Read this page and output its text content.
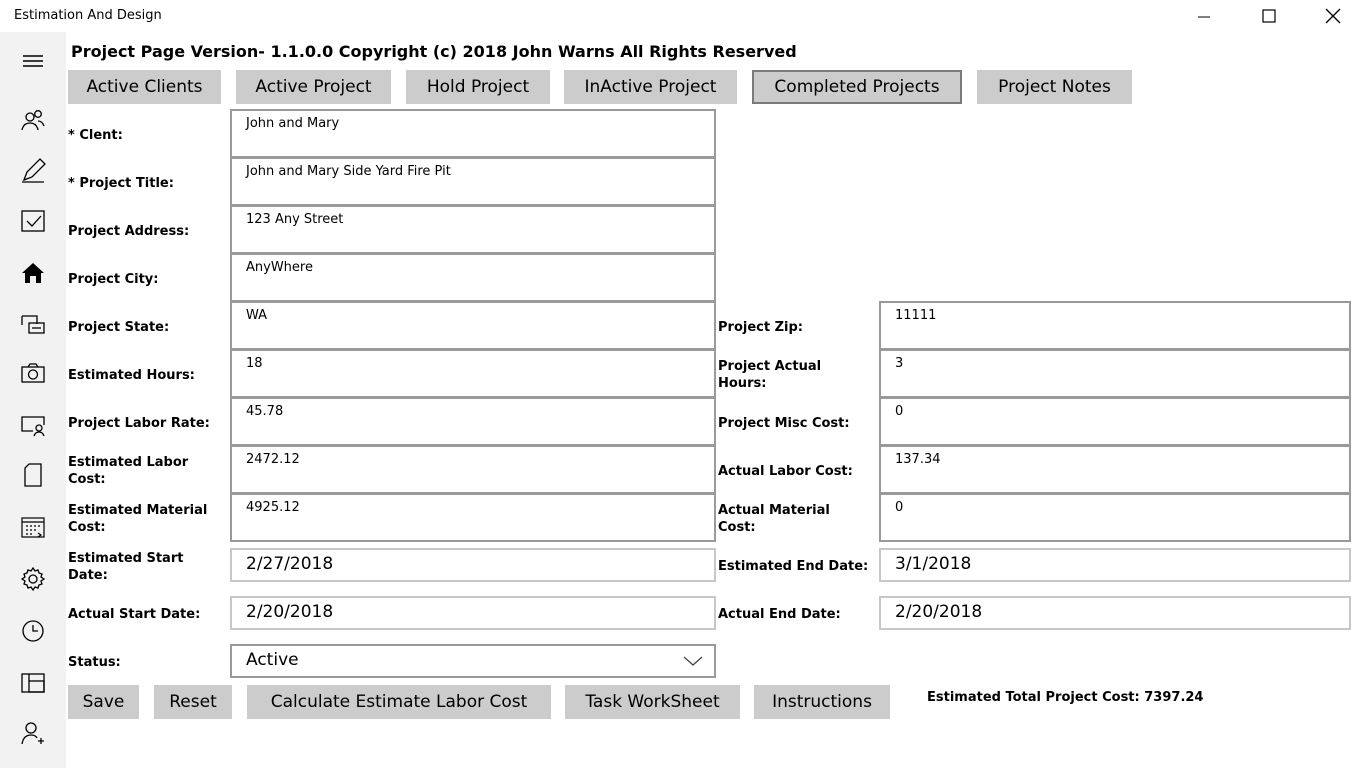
Estimation And Design
Project Page Version- 1.1.0.0 Copyright (c) 2018 John Warns All Rights Reserved
Active Clients	Active Project	Hold Project	InActive Project	Completed Projects	Project Notes
* Clent:
John and Mary
* Project Title:
John and Mary Side Yard Fire Pit
Project Address:
123 Any Street
Project City:
AnyWhere
Project State:
WA
Estimated Hours:
18
Project Labor Rate:
45.78
Estimated Labor Cost:
2472.12
Estimated Material Cost:
4925.12
Estimated Start Date:
2/27/2018
Actual Start Date:	2/20/2018
Status:	Active
Project Zip:
11111
Project Actual Hours:
3
Project Misc Cost:
0
Actual Labor Cost:
137.34
Actual Material Cost:
0
Estimated End Date:	3/1/2018
Actual End Date:	2/20/2018
Save	Reset	Calculate Estimate Labor Cost	Task WorkSheet	Instructions	Estimated Total Project Cost: 7397.24
